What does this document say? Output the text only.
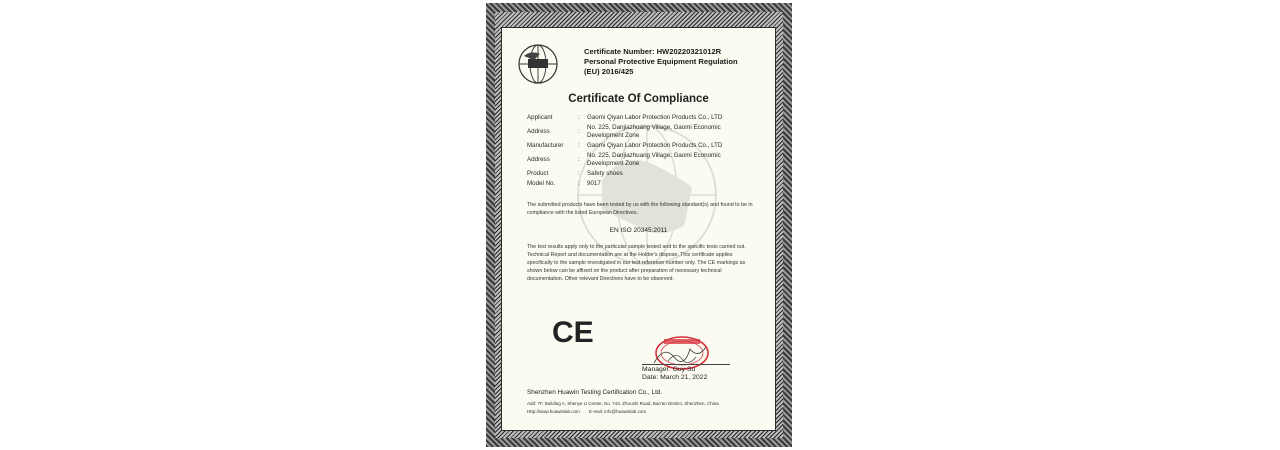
Certificate Number: HW20220321012R
Personal Protective Equipment Regulation
(EU) 2016/425
Certificate Of Compliance
Applicant	: Gaomi Qiyan Labor Protection Products Co., LTD
Address	:
No. 225, Danjiazhuang Village, Gaomi Economic Development Zone
Manufacturer	: Gaomi Qiyan Labor Protection Products Co., LTD
Address	:
No. 225, Danjiazhuang Village, Gaomi Economic Development Zone
Product	: Safety shoes
Model No.	: 9017
The submitted products have been tested by us with the following standard(s) and found to be in compliance with the listed European Directives.
EN ISO 20345:2011
The test results apply only to the particular sample tested and to the specific tests carried out. Technical Report and documentation are at the Holder's dispose. This certificate applies specifically to the sample investigated in our test reference number only. The CE markings as shown below can be affixed on the product after preparation of necessary technical documentation. Other relevant Directives have to be observed.
CE
Manager: Guy Su
Date: March 21, 2022
Shenzhen Huawin Testing Certification Co., Ltd.
Add: 7F, Building A, Shenye U Center, No. 743, Zhoushi Road, Bao'an District, Shenzhen, China
Http://www.huawinlab.com E-mail: info@huawinlab.com
